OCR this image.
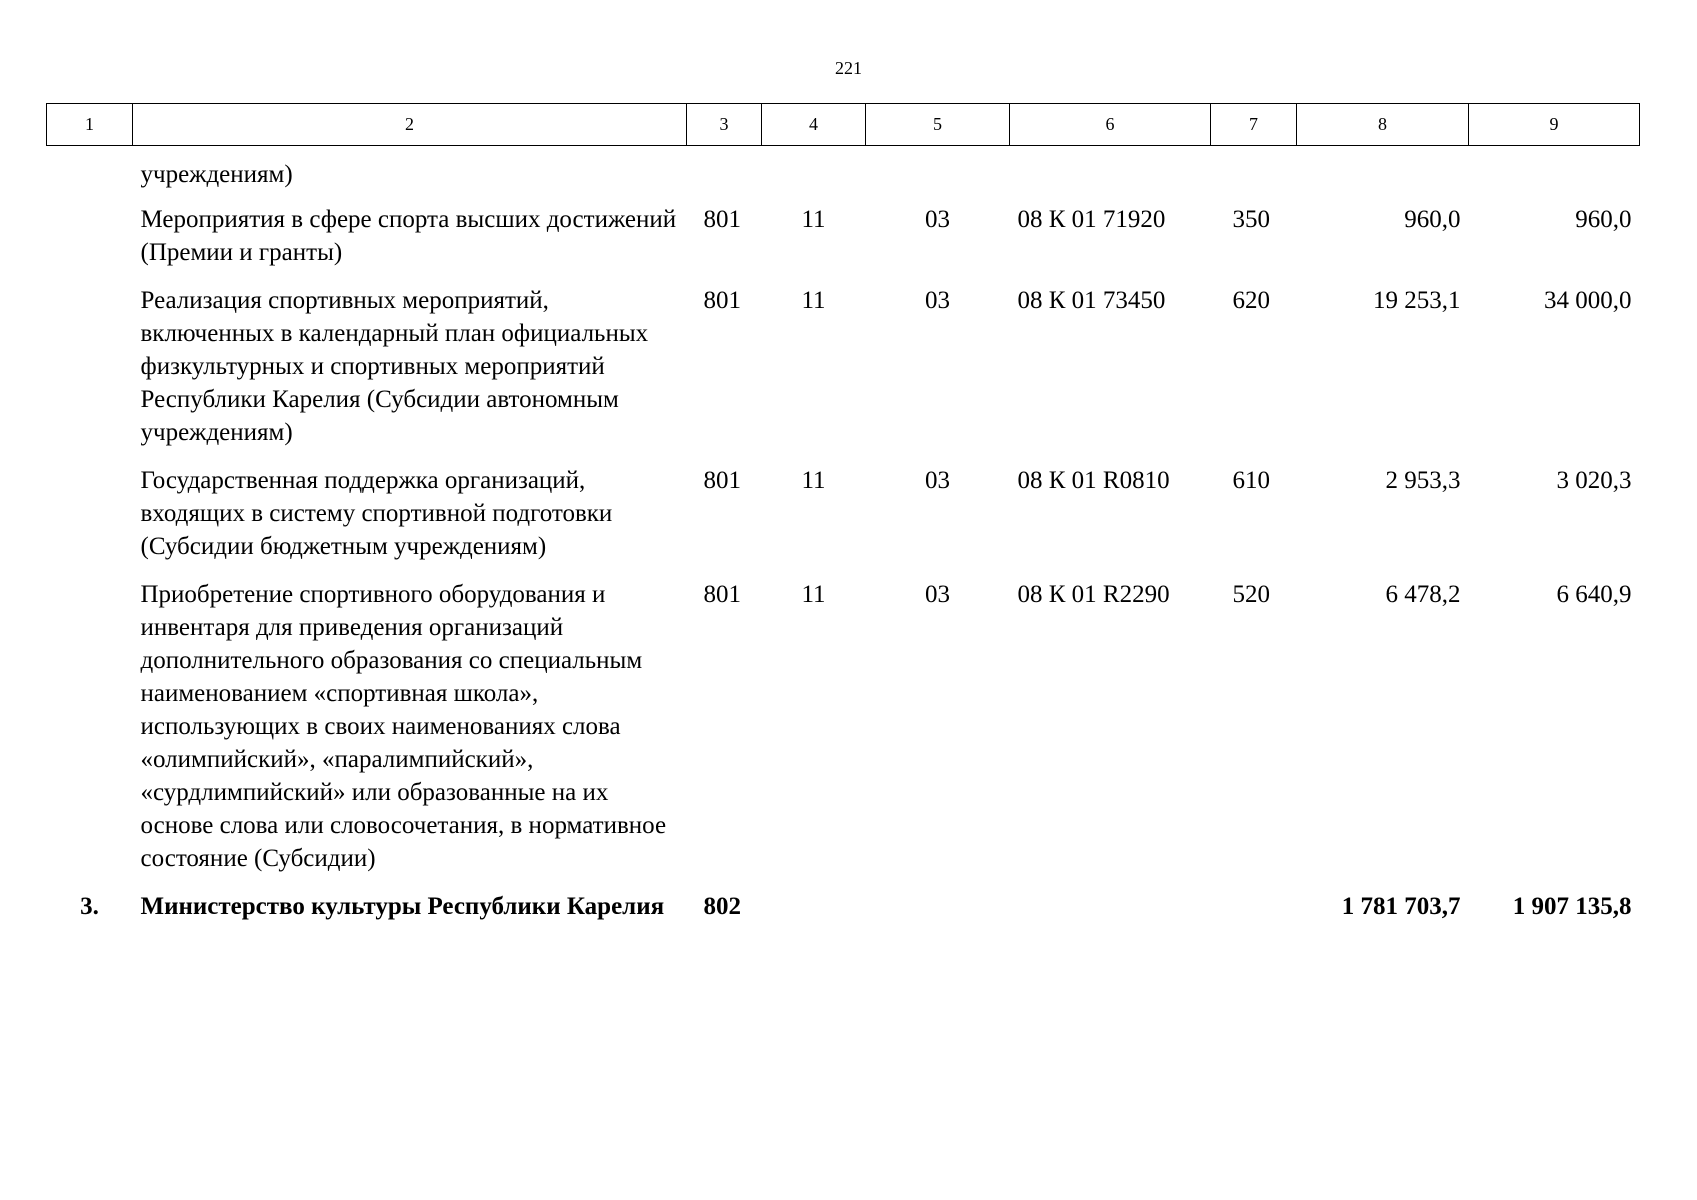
221
1	2	3	4	5	6	7	8	9
	учреждениям)							
	Мероприятия в сфере спорта высших достижений (Премии и гранты)	801	11	03	08 К 01 71920	350	960,0	960,0
	Реализация спортивных мероприятий, включенных в календарный план официальных физкультурных и спортивных мероприятий Республики Карелия (Субсидии автономным учреждениям)	801	11	03	08 К 01 73450	620	19 253,1	34 000,0
	Государственная поддержка организаций, входящих в систему спортивной подготовки (Субсидии бюджетным учреждениям)	801	11	03	08 К 01 R0810	610	2 953,3	3 020,3
	Приобретение спортивного оборудования и инвентаря для приведения организаций дополнительного образования со специальным наименованием «спортивная школа», использующих в своих наименованиях слова «олимпийский», «паралимпийский», «сурдлимпийский» или образованные на их основе слова или словосочетания, в нормативное состояние (Субсидии)	801	11	03	08 К 01 R2290	520	6 478,2	6 640,9
3.	Министерство культуры Республики Карелия	802					1 781 703,7	1 907 135,8
